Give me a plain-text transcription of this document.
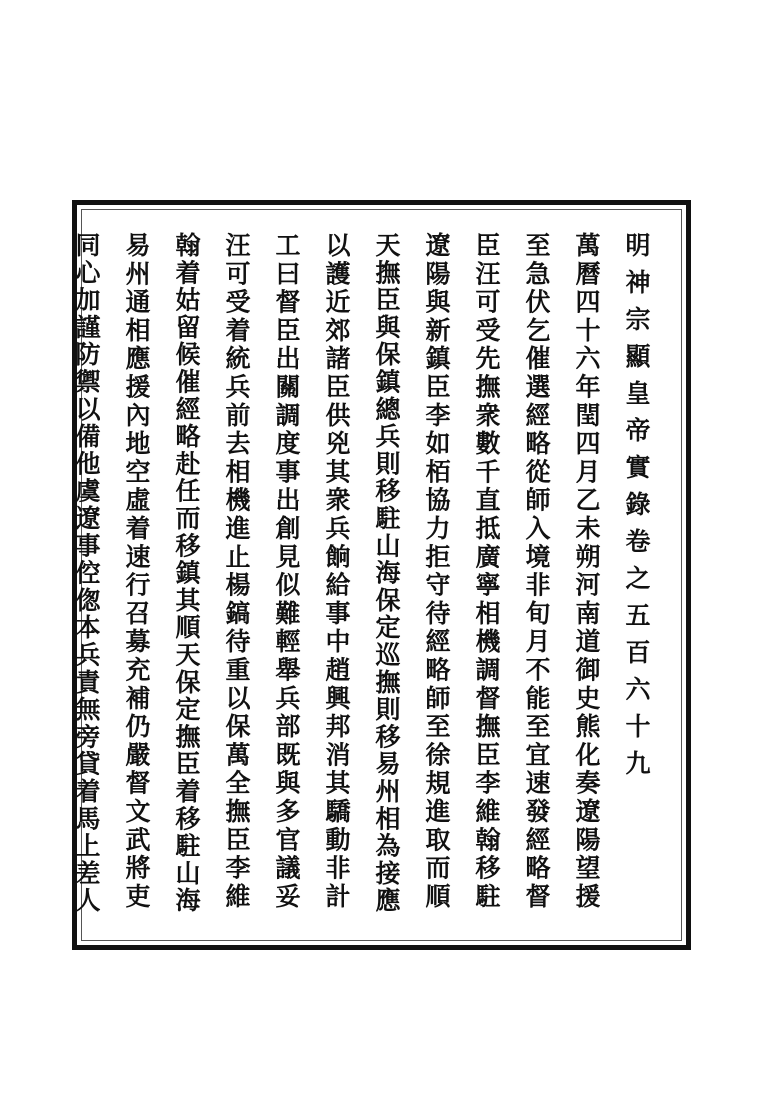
明神宗顯皇帝實錄卷之五百六十九
萬曆四十六年閏四月乙未朔河南道御史熊化奏遼陽望援
至急伏乞催選經略從師入境非旬月不能至宜速發經略督
臣汪可受先撫衆數千直抵廣寧相機調督撫臣李維翰移駐
遼陽與新鎮臣李如栢協力拒守待經略師至徐規進取而順
天撫臣與保鎮總兵則移駐山海保定巡撫則移易州相為接應
以護近郊諸臣供兇其衆兵餉給事中趙興邦消其驕動非計
工曰督臣出關調度事出創見似難輕舉兵部既與多官議妥
汪可受着統兵前去相機進止楊鎬待重以保萬全撫臣李維
翰着姑留候催經略赴任而移鎮其順天保定撫臣着移駐山海
易州通相應援內地空虛着速行召募充補仍嚴督文武將吏
同心加謹防禦以備他虞遼事倥偬本兵責無旁貸着馬上差人
